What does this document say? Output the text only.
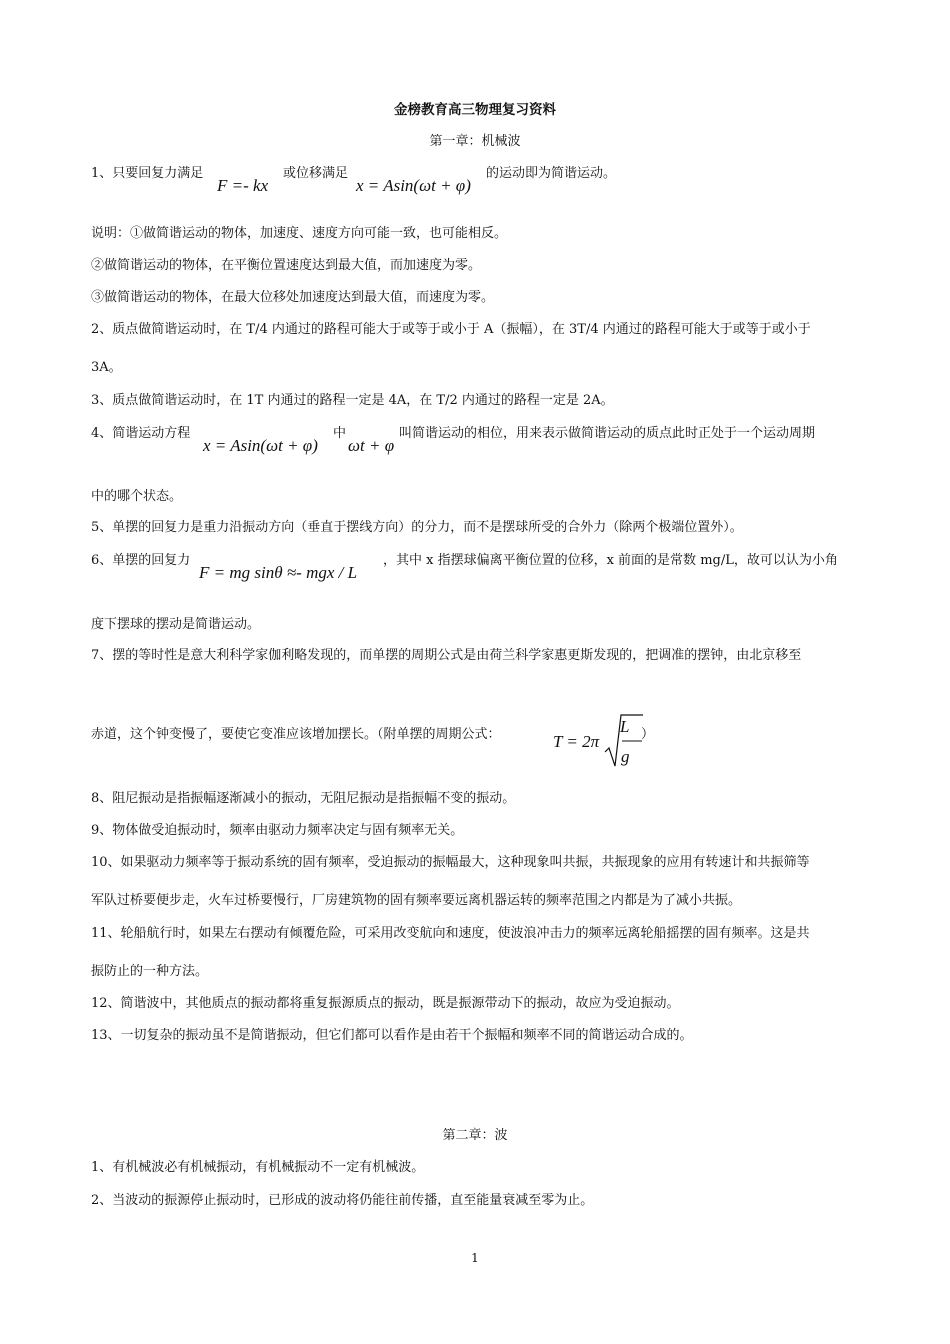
金榜教育高三物理复习资料
第一章：机械波
1、只要回复力满足
F =- kx
或位移满足
x = Asin(ωt + φ)
的运动即为简谐运动。
说明：①做简谐运动的物体，加速度、速度方向可能一致，也可能相反。
②做简谐运动的物体，在平衡位置速度达到最大值，而加速度为零。
③做简谐运动的物体，在最大位移处加速度达到最大值，而速度为零。
2、质点做简谐运动时，在 T/4 内通过的路程可能大于或等于或小于 A（振幅），在 3T/4 内通过的路程可能大于或等于或小于
3A。
3、质点做简谐运动时，在 1T 内通过的路程一定是 4A，在 T/2 内通过的路程一定是 2A。
4、简谐运动方程
x = Asin(ωt + φ)
中
ωt + φ
叫简谐运动的相位，用来表示做简谐运动的质点此时正处于一个运动周期
中的哪个状态。
5、单摆的回复力是重力沿振动方向（垂直于摆线方向）的分力，而不是摆球所受的合外力（除两个极端位置外）。
6、单摆的回复力
F = mg sinθ ≈- mgx / L
，其中 x 指摆球偏离平衡位置的位移，x 前面的是常数 mg/L，故可以认为小角
度下摆球的摆动是简谐运动。
7、摆的等时性是意大利科学家伽利略发现的，而单摆的周期公式是由荷兰科学家惠更斯发现的，把调准的摆钟，由北京移至
赤道，这个钟变慢了，要使它变准应该增加摆长。（附单摆的周期公式：	T = 2π
L
g
）
8、阻尼振动是指振幅逐渐减小的振动，无阻尼振动是指振幅不变的振动。
9、物体做受迫振动时，频率由驱动力频率决定与固有频率无关。
10、如果驱动力频率等于振动系统的固有频率，受迫振动的振幅最大，这种现象叫共振，共振现象的应用有转速计和共振筛等
军队过桥要便步走，火车过桥要慢行，厂房建筑物的固有频率要远离机器运转的频率范围之内都是为了减小共振。
11、轮船航行时，如果左右摆动有倾覆危险，可采用改变航向和速度，使波浪冲击力的频率远离轮船摇摆的固有频率。这是共
振防止的一种方法。
12、简谐波中，其他质点的振动都将重复振源质点的振动，既是振源带动下的振动，故应为受迫振动。
13、一切复杂的振动虽不是简谐振动，但它们都可以看作是由若干个振幅和频率不同的简谐运动合成的。
第二章：波
1、有机械波必有机械振动，有机械振动不一定有机械波。
2、当波动的振源停止振动时，已形成的波动将仍能往前传播，直至能量衰减至零为止。
1
